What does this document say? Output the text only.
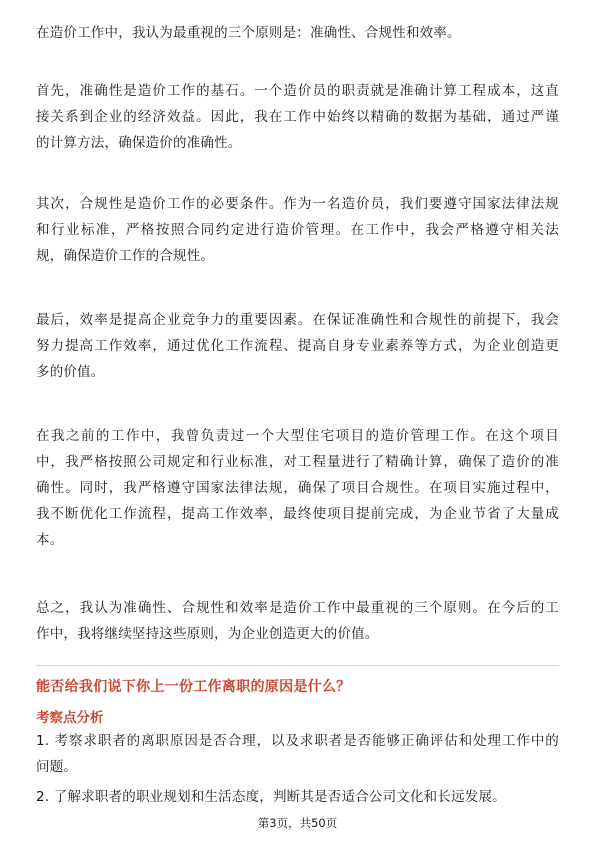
在造价工作中，我认为最重视的三个原则是：准确性、合规性和效率。

首先，准确性是造价工作的基石。一个造价员的职责就是准确计算工程成本，这直
接关系到企业的经济效益。因此，我在工作中始终以精确的数据为基础，通过严谨
的计算方法，确保造价的准确性。

其次，合规性是造价工作的必要条件。作为一名造价员，我们要遵守国家法律法规
和行业标准，严格按照合同约定进行造价管理。在工作中，我会严格遵守相关法
规，确保造价工作的合规性。

最后，效率是提高企业竞争力的重要因素。在保证准确性和合规性的前提下，我会
努力提高工作效率，通过优化工作流程、提高自身专业素养等方式，为企业创造更
多的价值。

在我之前的工作中，我曾负责过一个大型住宅项目的造价管理工作。在这个项目
中，我严格按照公司规定和行业标准，对工程量进行了精确计算，确保了造价的准
确性。同时，我严格遵守国家法律法规，确保了项目合规性。在项目实施过程中，
我不断优化工作流程，提高工作效率，最终使项目提前完成，为企业节省了大量成
本。

总之，我认为准确性、合规性和效率是造价工作中最重视的三个原则。在今后的工
作中，我将继续坚持这些原则，为企业创造更大的价值。

能否给我们说下你上一份工作离职的原因是什么？
考察点分析
1. 考察求职者的离职原因是否合理，以及求职者是否能够正确评估和处理工作中的
问题。
2. 了解求职者的职业规划和生活态度，判断其是否适合公司文化和长远发展。
第3页，共50页
